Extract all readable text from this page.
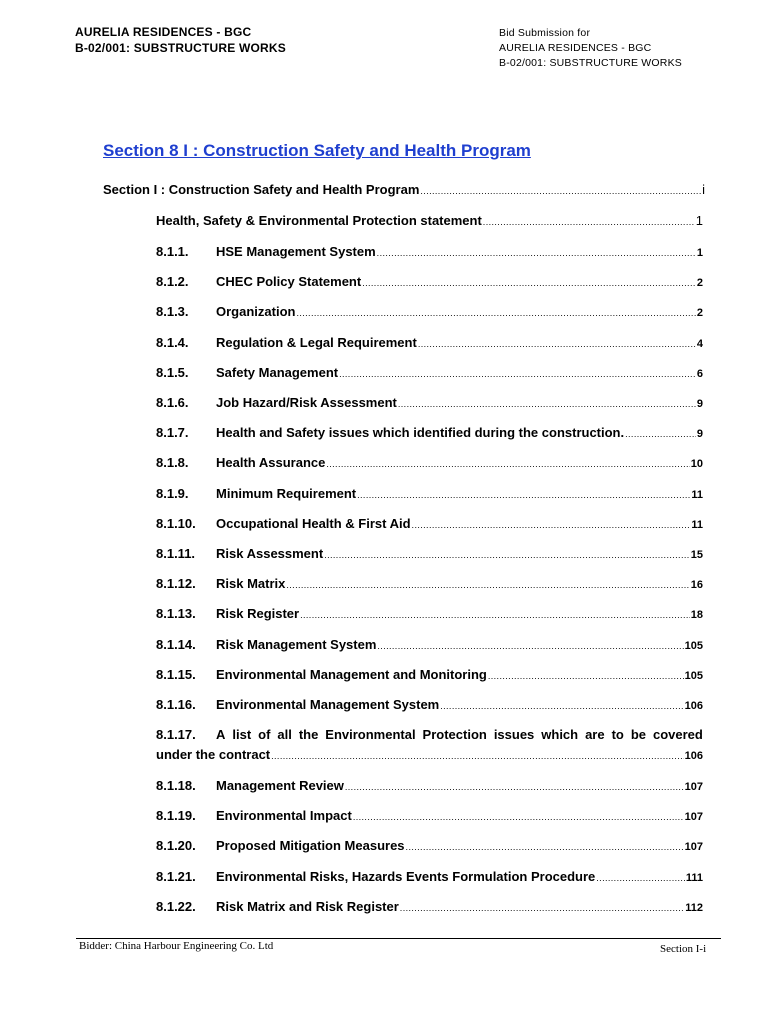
AURELIA RESIDENCES - BGC
B-02/001: SUBSTRUCTURE WORKS
Bid Submission for
AURELIA RESIDENCES - BGC
B-02/001: SUBSTRUCTURE WORKS
Section 8 I : Construction Safety and Health Program
Section I : Construction Safety and Health Program .....	i
Health, Safety & Environmental Protection statement .....	1
8.1.1.	HSE Management System .....	1
8.1.2.	CHEC Policy Statement .....	2
8.1.3.	Organization .....	2
8.1.4.	Regulation & Legal Requirement .....	4
8.1.5.	Safety Management .....	6
8.1.6.	Job Hazard/Risk Assessment .....	9
8.1.7.	Health and Safety issues which identified during the construction. .....	9
8.1.8.	Health Assurance .....	10
8.1.9.	Minimum Requirement .....	11
8.1.10.	Occupational Health & First Aid .....	11
8.1.11.	Risk Assessment .....	15
8.1.12.	Risk Matrix .....	16
8.1.13.	Risk Register .....	18
8.1.14.	Risk Management System .....	105
8.1.15.	Environmental Management and Monitoring .....	105
8.1.16.	Environmental Management System .....	106
8.1.17.	A list of all the Environmental Protection issues which are to be covered
under the contract .....	106
8.1.18.	Management Review .....	107
8.1.19.	Environmental Impact .....	107
8.1.20.	Proposed Mitigation Measures .....	107
8.1.21.	Environmental Risks, Hazards Events Formulation Procedure .....	111
8.1.22.	Risk Matrix and Risk Register .....	112
Bidder: China Harbour Engineering Co. Ltd	Section I-i
